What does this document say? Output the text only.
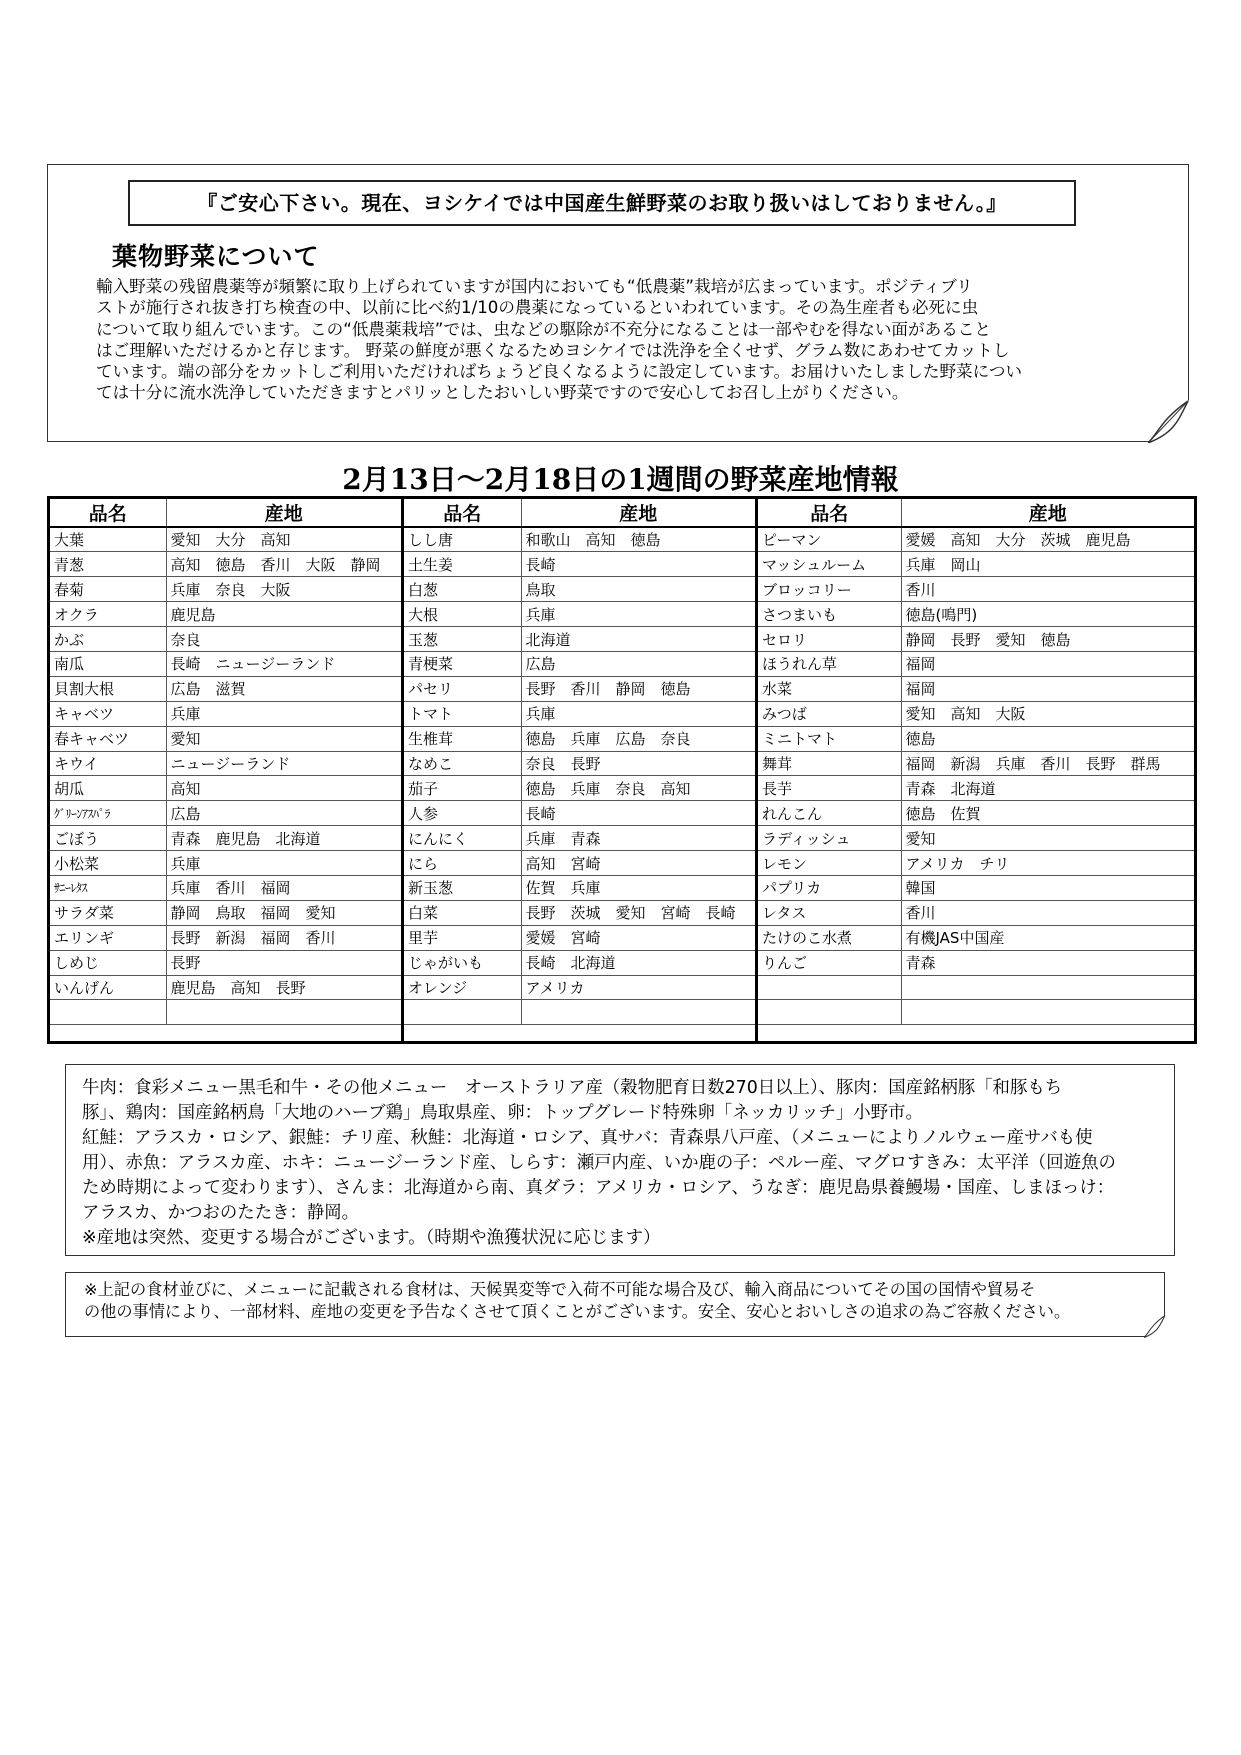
『ご安心下さい。現在、ヨシケイでは中国産生鮮野菜のお取り扱いはしておりません。』
葉物野菜について

輸入野菜の残留農薬等が頻繁に取り上げられていますが国内においても“低農薬”栽培が広まっています。ポジティブリ

ストが施行され抜き打ち検査の中、以前に比べ約1/10の農薬になっているといわれています。その為生産者も必死に虫

について取り組んでいます。この“低農薬栽培”では、虫などの駆除が不充分になることは一部やむを得ない面があること

はご理解いただけるかと存じます。 野菜の鮮度が悪くなるためヨシケイでは洗浄を全くせず、グラム数にあわせてカットし

ています。端の部分をカットしご利用いただければちょうど良くなるように設定しています。お届けいたしました野菜につい

ては十分に流水洗浄していただきますとパリッとしたおいしい野菜ですので安心してお召し上がりください。

2月13日～2月18日の1週間の野菜産地情報
品名	産地
大葉	愛知　大分　高知
青葱	高知　徳島　香川　大阪　静岡
春菊	兵庫　奈良　大阪
オクラ	鹿児島
かぶ	奈良
南瓜	長崎　ニュージーランド
貝割大根	広島　滋賀
キャベツ	兵庫
春キャベツ	愛知
キウイ	ニュージーランド
胡瓜	高知
ｸﾞﾘｰﾝｱｽﾊﾟﾗ	広島
ごぼう	青森　鹿児島　北海道
小松菜	兵庫
ｻﾆｰﾚﾀｽ	兵庫　香川　福岡
サラダ菜	静岡　鳥取　福岡　愛知
エリンギ	長野　新潟　福岡　香川
しめじ	長野
いんげん	鹿児島　高知　長野

品名	産地
しし唐	和歌山　高知　徳島
土生姜	長崎
白葱	鳥取
大根	兵庫
玉葱	北海道
青梗菜	広島
パセリ	長野　香川　静岡　徳島
トマト	兵庫
生椎茸	徳島　兵庫　広島　奈良
なめこ	奈良　長野
茄子	徳島　兵庫　奈良　高知
人参	長崎
にんにく	兵庫　青森
にら	高知　宮崎
新玉葱	佐賀　兵庫
白菜	長野　茨城　愛知　宮崎　長崎
里芋	愛媛　宮崎
じゃがいも	長崎　北海道
オレンジ	アメリカ

品名	産地
ピーマン	愛媛　高知　大分　茨城　鹿児島
マッシュルーム	兵庫　岡山
ブロッコリー	香川
さつまいも	徳島(鳴門)
セロリ	静岡　長野　愛知　徳島
ほうれん草	福岡
水菜	福岡
みつば	愛知　高知　大阪
ミニトマト	徳島
舞茸	福岡　新潟　兵庫　香川　長野　群馬
長芋	青森　北海道
れんこん	徳島　佐賀
ラディッシュ	愛知
レモン	アメリカ　チリ
パプリカ	韓国
レタス	香川
たけのこ水煮	有機JAS中国産
りんご	青森

牛肉：食彩メニュー黒毛和牛・その他メニュー　オーストラリア産（穀物肥育日数270日以上）、豚肉：国産銘柄豚「和豚もち

豚」、鶏肉：国産銘柄鳥「大地のハーブ鶏」鳥取県産、卵：トップグレード特殊卵「ネッカリッチ」小野市。

紅鮭：アラスカ・ロシア、銀鮭：チリ産、秋鮭：北海道・ロシア、真サバ：青森県八戸産、（メニューによりノルウェー産サバも使

用）、赤魚：アラスカ産、ホキ：ニュージーランド産、しらす：瀬戸内産、いか鹿の子：ペルー産、マグロすきみ：太平洋（回遊魚の

ため時期によって変わります）、さんま：北海道から南、真ダラ：アメリカ・ロシア、うなぎ：鹿児島県養鰻場・国産、しまほっけ：

アラスカ、かつおのたたき：静岡。

※産地は突然、変更する場合がございます。（時期や漁獲状況に応じます）

※上記の食材並びに、メニューに記載される食材は、天候異変等で入荷不可能な場合及び、輸入商品についてその国の国情や貿易そ

の他の事情により、一部材料、産地の変更を予告なくさせて頂くことがございます。安全、安心とおいしさの追求の為ご容赦ください。
